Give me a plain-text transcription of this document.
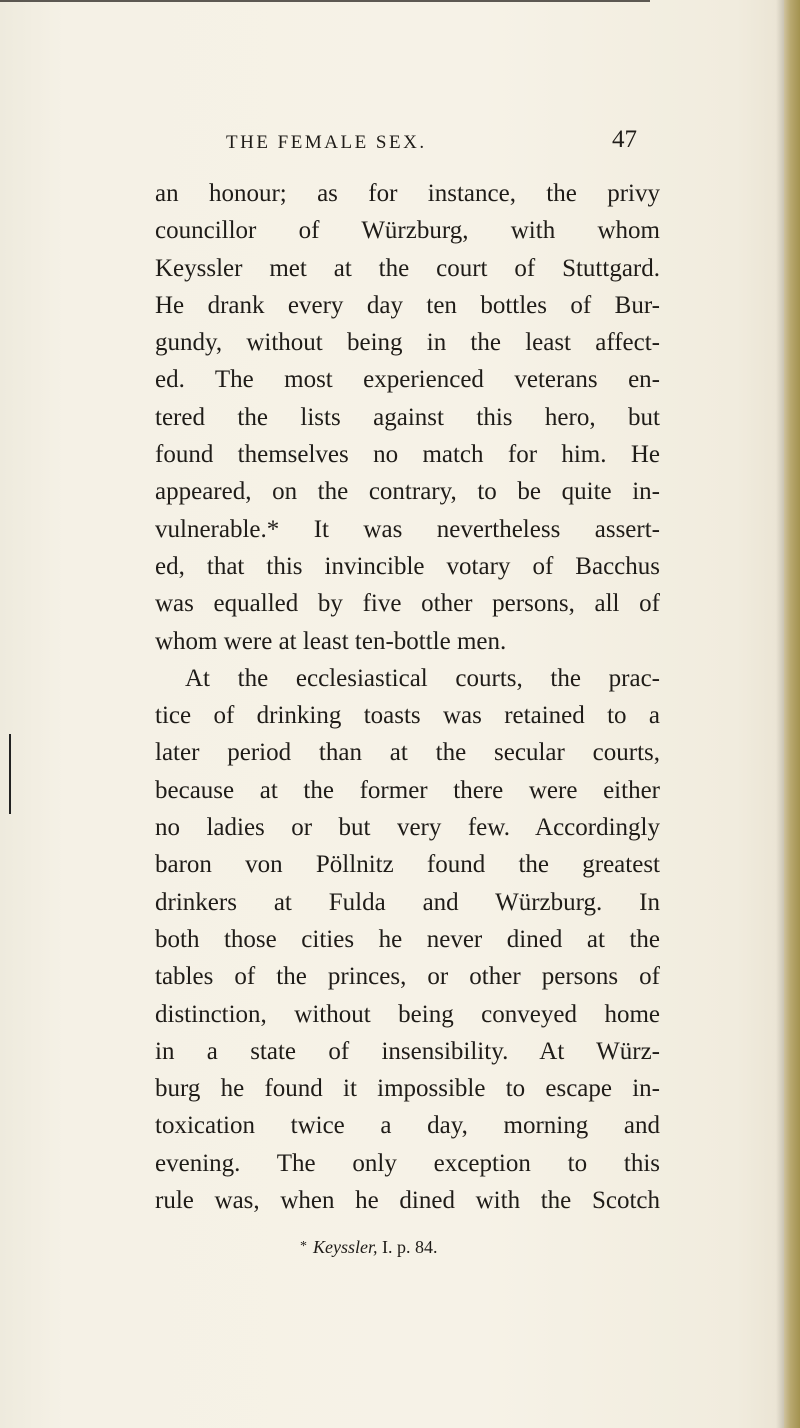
THE FEMALE SEX.	47
an honour; as for instance, the privy
councillor of Würzburg, with whom
Keyssler met at the court of Stuttgard.
He drank every day ten bottles of Bur-
gundy, without being in the least affect-
ed. The most experienced veterans en-
tered the lists against this hero, but
found themselves no match for him. He
appeared, on the contrary, to be quite in-
vulnerable.* It was nevertheless assert-
ed, that this invincible votary of Bacchus
was equalled by five other persons, all of
whom were at least ten-bottle men.
At the ecclesiastical courts, the prac-
tice of drinking toasts was retained to a
later period than at the secular courts,
because at the former there were either
no ladies or but very few. Accordingly
baron von Pöllnitz found the greatest
drinkers at Fulda and Würzburg. In
both those cities he never dined at the
tables of the princes, or other persons of
distinction, without being conveyed home
in a state of insensibility. At Würz-
burg he found it impossible to escape in-
toxication twice a day, morning and
evening. The only exception to this
rule was, when he dined with the Scotch
* Keyssler, I. p. 84.
